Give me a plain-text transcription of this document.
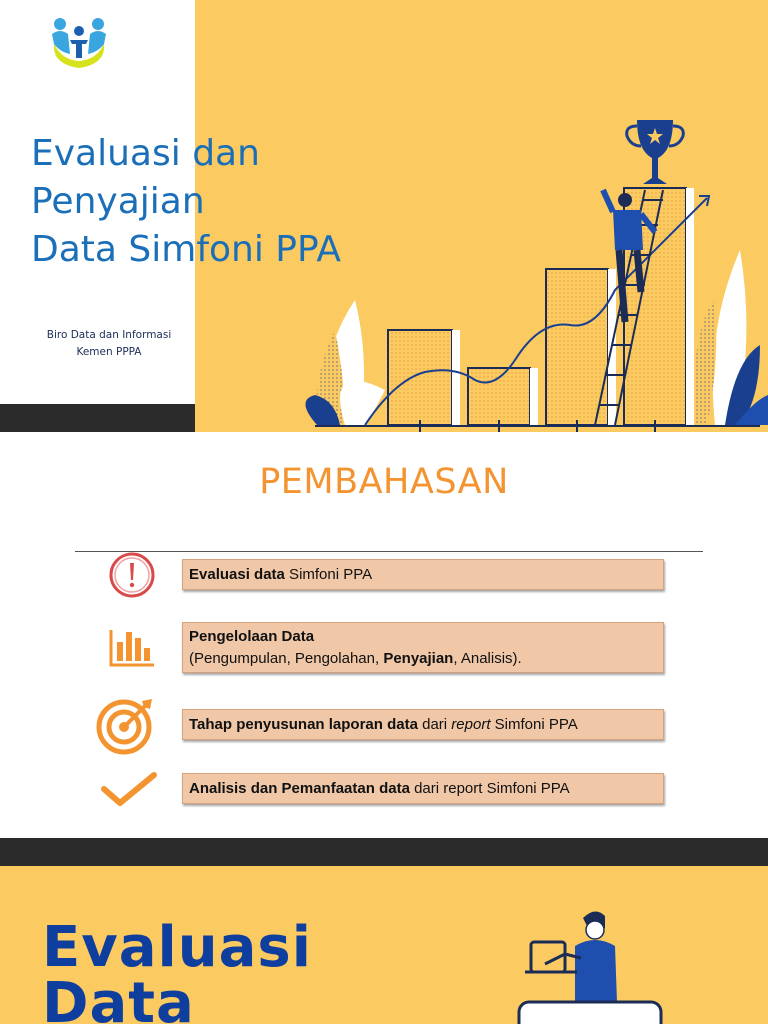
Evaluasi dan
Penyajian
Data Simfoni PPA
Biro Data dan Informasi
Kemen PPPA
PEMBAHASAN
Evaluasi data Simfoni PPA
Pengelolaan Data
(Pengumpulan, Pengolahan, Penyajian, Analisis).
Tahap penyusunan laporan data dari report Simfoni PPA
Analisis dan Pemanfaatan data dari report Simfoni PPA
Evaluasi
Data
